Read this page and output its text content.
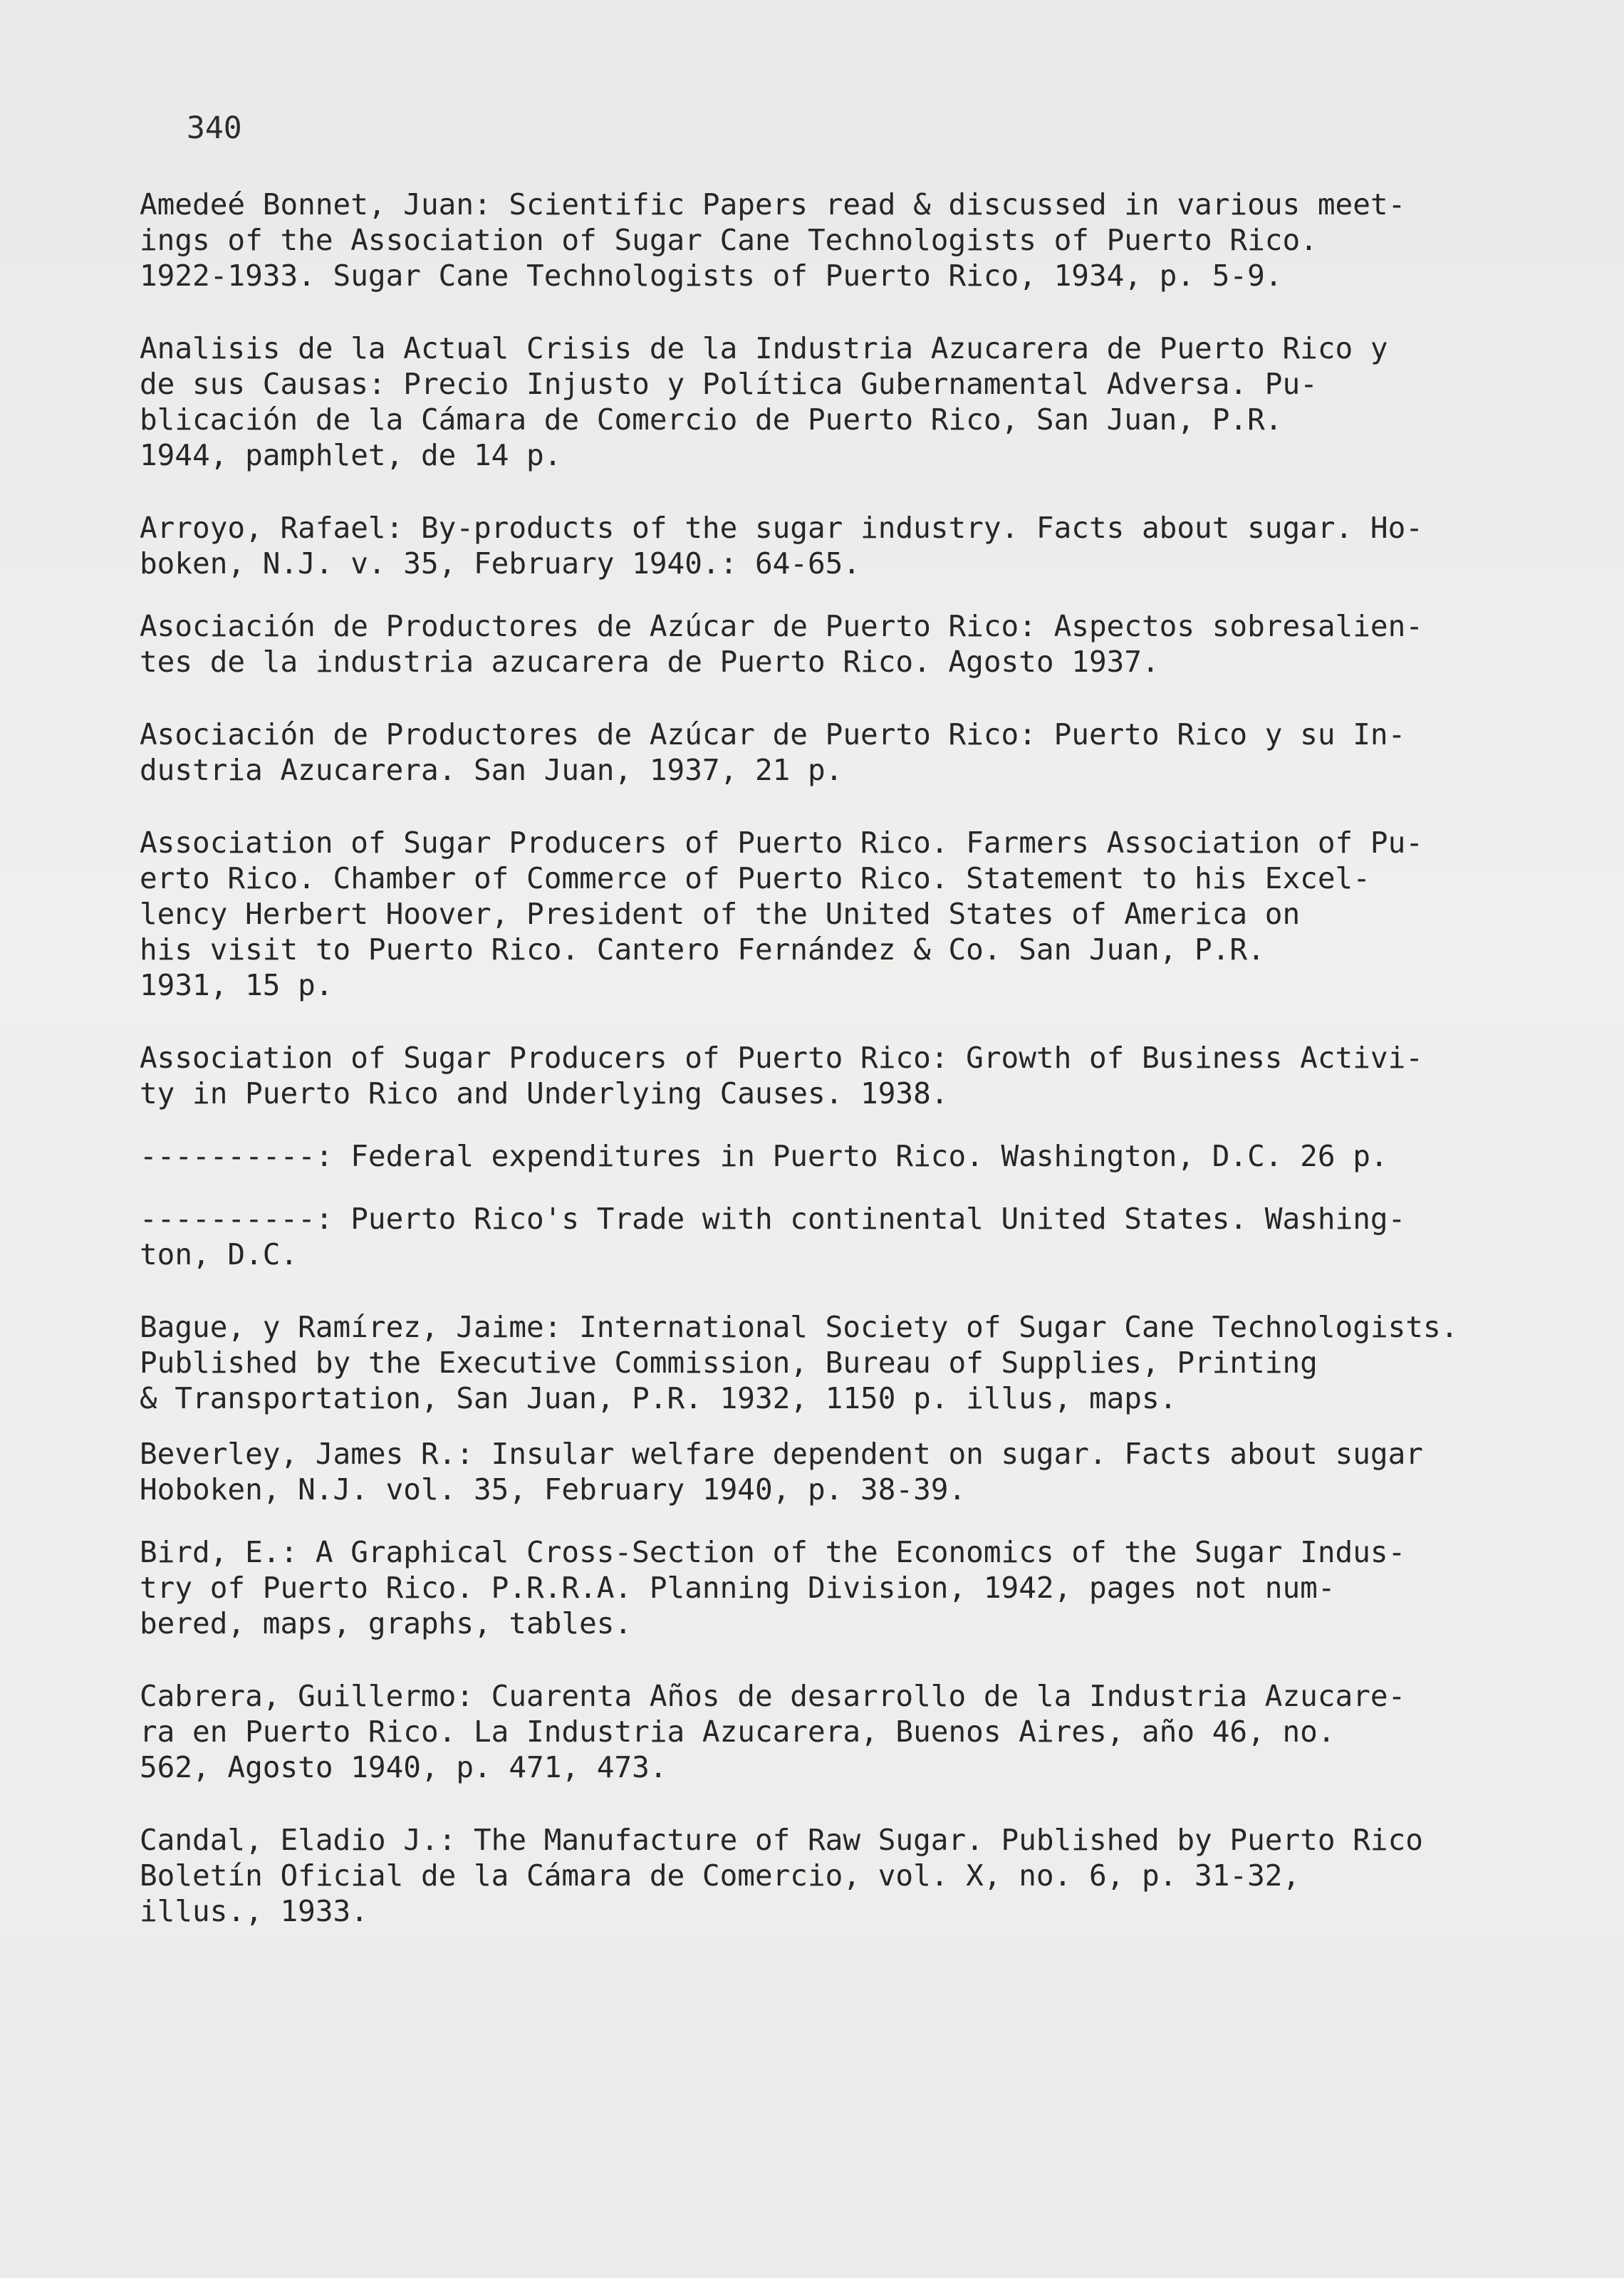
340

Amedeé Bonnet, Juan: Scientific Papers read & discussed in various meet-
ings of the Association of Sugar Cane Technologists of Puerto Rico.
1922-1933. Sugar Cane Technologists of Puerto Rico, 1934, p. 5-9.
Analisis de la Actual Crisis de la Industria Azucarera de Puerto Rico y
de sus Causas: Precio Injusto y Política Gubernamental Adversa. Pu-
blicación de la Cámara de Comercio de Puerto Rico, San Juan, P.R.
1944, pamphlet, de 14 p.
Arroyo, Rafael: By-products of the sugar industry. Facts about sugar. Ho-
boken, N.J. v. 35, February 1940.: 64-65.
Asociación de Productores de Azúcar de Puerto Rico: Aspectos sobresalien-
tes de la industria azucarera de Puerto Rico. Agosto 1937.
Asociación de Productores de Azúcar de Puerto Rico: Puerto Rico y su In-
dustria Azucarera. San Juan, 1937, 21 p.
Association of Sugar Producers of Puerto Rico. Farmers Association of Pu-
erto Rico. Chamber of Commerce of Puerto Rico. Statement to his Excel-
lency Herbert Hoover, President of the United States of America on
his visit to Puerto Rico. Cantero Fernández & Co. San Juan, P.R.
1931, 15 p.
Association of Sugar Producers of Puerto Rico: Growth of Business Activi-
ty in Puerto Rico and Underlying Causes. 1938.
----------: Federal expenditures in Puerto Rico. Washington, D.C. 26 p.
----------: Puerto Rico's Trade with continental United States. Washing-
ton, D.C.
Bague, y Ramírez, Jaime: International Society of Sugar Cane Technologists.
Published by the Executive Commission, Bureau of Supplies, Printing
& Transportation, San Juan, P.R. 1932, 1150 p. illus, maps.
Beverley, James R.: Insular welfare dependent on sugar. Facts about sugar
Hoboken, N.J. vol. 35, February 1940, p. 38-39.
Bird, E.: A Graphical Cross-Section of the Economics of the Sugar Indus-
try of Puerto Rico. P.R.R.A. Planning Division, 1942, pages not num-
bered, maps, graphs, tables.
Cabrera, Guillermo: Cuarenta Años de desarrollo de la Industria Azucare-
ra en Puerto Rico. La Industria Azucarera, Buenos Aires, año 46, no.
562, Agosto 1940, p. 471, 473.
Candal, Eladio J.: The Manufacture of Raw Sugar. Published by Puerto Rico
Boletín Oficial de la Cámara de Comercio, vol. X, no. 6, p. 31-32,
illus., 1933.
